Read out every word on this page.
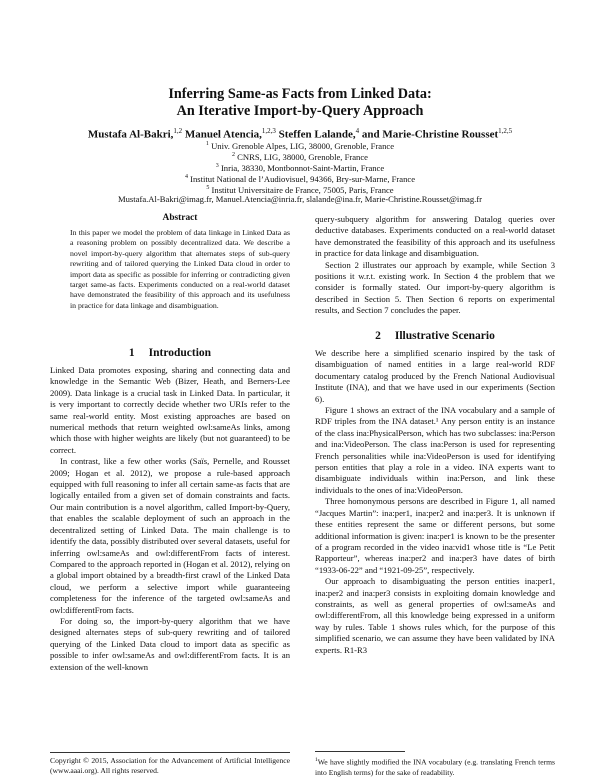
Inferring Same-as Facts from Linked Data:
An Iterative Import-by-Query Approach
Mustafa Al-Bakri,$^{1,2}$ Manuel Atencia,$^{1,2,3}$ Steffen Lalande,$^4$ and Marie-Christine Rousset$^{1,2,5}$
$^1$ Univ. Grenoble Alpes, LIG, 38000, Grenoble, France
$^2$ CNRS, LIG, 38000, Grenoble, France
$^3$ Inria, 38330, Montbonnot-Saint-Martin, France
$^4$ Institut National de l’Audiovisuel, 94366, Bry-sur-Marne, France
$^5$ Institut Universitaire de France, 75005, Paris, France
Mustafa.Al-Bakri@imag.fr, Manuel.Atencia@inria.fr, slalande@ina.fr, Marie-Christine.Rousset@imag.fr
Abstract
In this paper we model the problem of data linkage in Linked Data as a reasoning problem on possibly decentralized data. We describe a novel import-by-query algorithm that alternates steps of sub-query rewriting and of tailored querying the Linked Data cloud in order to import data as specific as possible for inferring or contradicting given target same-as facts. Experiments conducted on a real-world dataset have demonstrated the feasibility of this approach and its usefulness in practice for data linkage and disambiguation.
1 Introduction

Linked Data promotes exposing, sharing and connecting data and knowledge in the Semantic Web (Bizer, Heath, and Berners-Lee 2009). Data linkage is a crucial task in Linked Data. In particular, it is very important to correctly decide whether two URIs refer to the same real-world entity. Most existing approaches are based on numerical methods that return weighted owl:sameAs links, among which those with higher weights are likely (but not guaranteed) to be correct.

In contrast, like a few other works (Saïs, Pernelle, and Rousset 2009; Hogan et al. 2012), we propose a rule-based approach equipped with full reasoning to infer all certain same-as facts that are logically entailed from a given set of domain constraints and facts. Our main contribution is a novel algorithm, called Import-by-Query, that enables the scalable deployment of such an approach in the decentralized setting of Linked Data. The main challenge is to identify the data, possibly distributed over several datasets, useful for inferring owl:sameAs and owl:differentFrom facts of interest. Compared to the approach reported in (Hogan et al. 2012), relying on a global import obtained by a breadth-first crawl of the Linked Data cloud, we perform a selective import while guaranteeing completeness for the inference of the targeted owl:sameAs and owl:differentFrom facts.

For doing so, the import-by-query algorithm that we have designed alternates steps of sub-query rewriting and of tailored querying of the Linked Data cloud to import data as specific as possible to infer owl:sameAs and owl:differentFrom facts. It is an extension of the well-known

query-subquery algorithm for answering Datalog queries over deductive databases. Experiments conducted on a real-world dataset have demonstrated the feasibility of this approach and its usefulness in practice for data linkage and disambiguation.

Section 2 illustrates our approach by example, while Section 3 positions it w.r.t. existing work. In Section 4 the problem that we consider is formally stated. Our import-by-query algorithm is described in Section 5. Then Section 6 reports on experimental results, and Section 7 concludes the paper.

2 Illustrative Scenario

We describe here a simplified scenario inspired by the task of disambiguation of named entities in a large real-world RDF documentary catalog produced by the French National Audiovisual Institute (INA), and that we have used in our experiments (Section 6).

Figure 1 shows an extract of the INA vocabulary and a sample of RDF triples from the INA dataset.¹ Any person entity is an instance of the class ina:PhysicalPerson, which has two subclasses: ina:Person and ina:VideoPerson. The class ina:Person is used for representing French personalities while ina:VideoPerson is used for identifying person entities that play a role in a video. INA experts want to disambiguate individuals within ina:Person, and link these individuals to the ones of ina:VideoPerson.

Three homonymous persons are described in Figure 1, all named “Jacques Martin”: ina:per1, ina:per2 and ina:per3. It is unknown if these entities represent the same or different persons, but some additional information is given: ina:per1 is known to be the presenter of a program recorded in the video ina:vid1 whose title is “Le Petit Rapporteur”, whereas ina:per2 and ina:per3 have dates of birth “1933-06-22” and “1921-09-25”, respectively.

Our approach to disambiguating the person entities ina:per1, ina:per2 and ina:per3 consists in exploiting domain knowledge and constraints, as well as general properties of owl:sameAs and owl:differentFrom, all this knowledge being expressed in a uniform way by rules. Table 1 shows rules which, for the purpose of this simplified scenario, we can assume they have been validated by INA experts. R1-R3

Copyright © 2015, Association for the Advancement of Artificial Intelligence (www.aaai.org). All rights reserved.
$^1$We have slightly modified the INA vocabulary (e.g. translating French terms into English terms) for the sake of readability.
